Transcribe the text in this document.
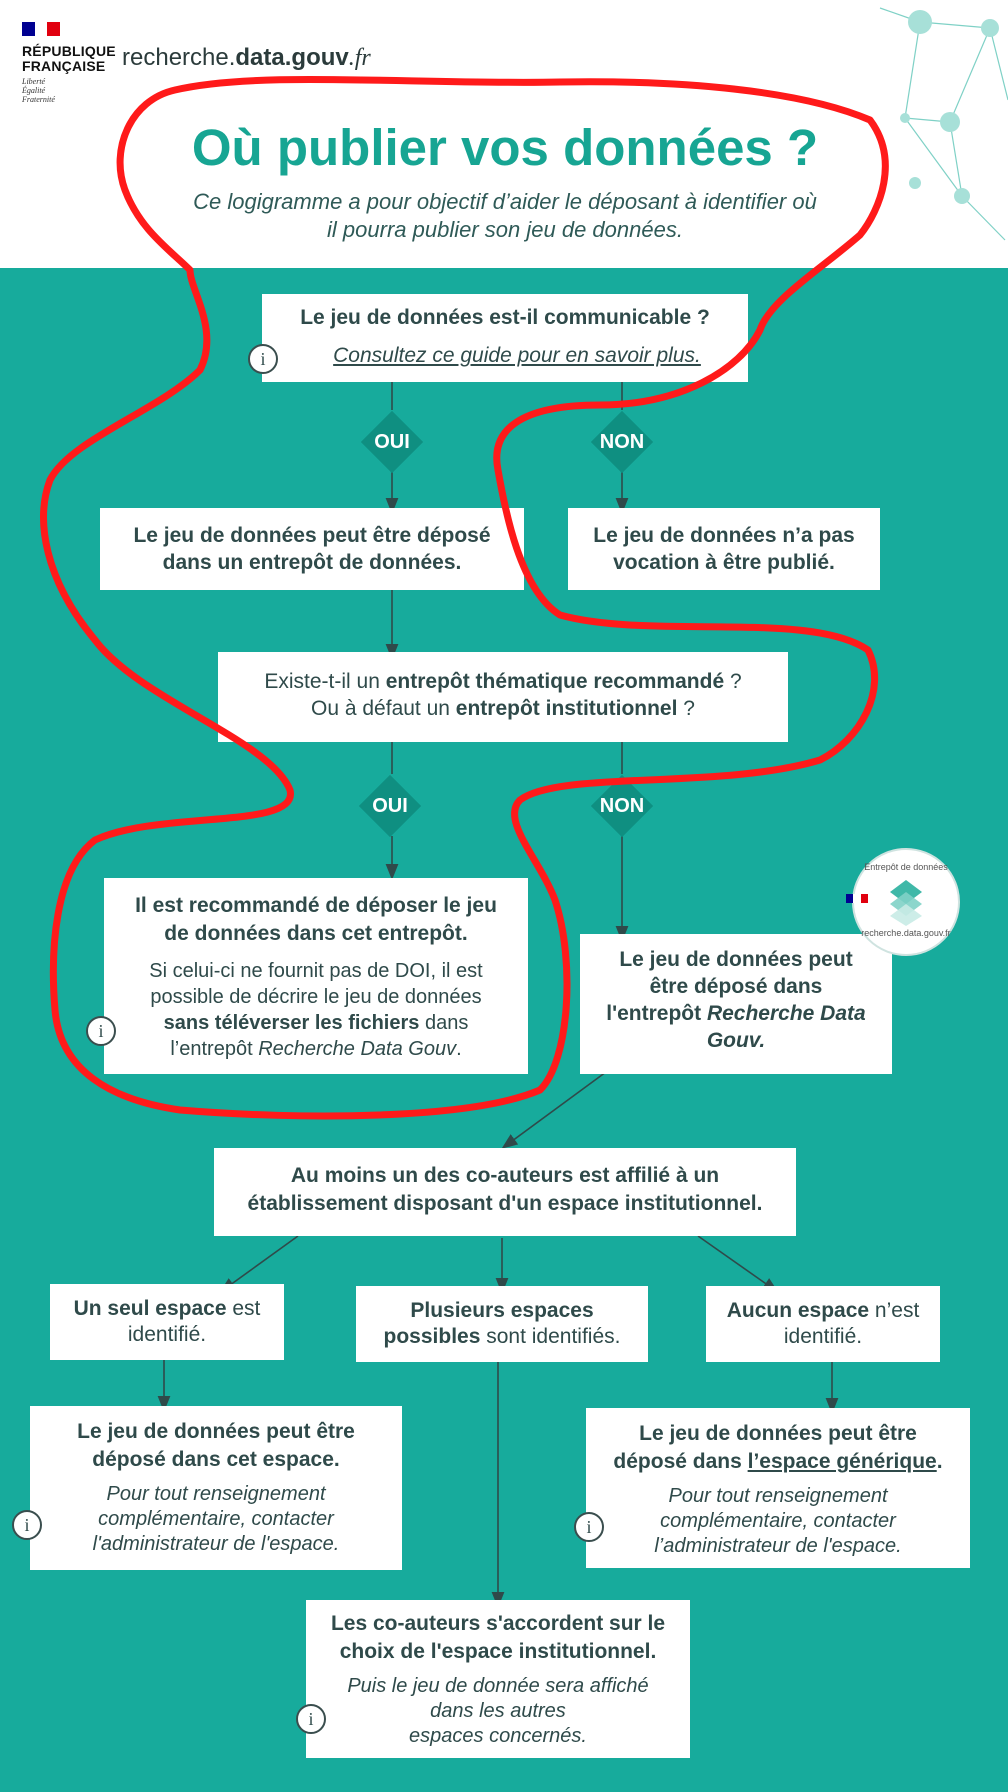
RÉPUBLIQUE
FRANÇAISE
Liberté
Égalité
Fraternité
recherche.data.gouv.fr
Où publier vos données ?
Ce logigramme a pour objectif d’aider le déposant à identifier où
il pourra publier son jeu de données.
Le jeu de données est-il communicable ?
Consultez ce guide pour en savoir plus.
i
OUI	NON
Le jeu de données peut être déposé
dans un entrepôt de données.
Le jeu de données n’a pas
vocation à être publié.
Existe-t-il un entrepôt thématique recommandé ?
Ou à défaut un entrepôt institutionnel ?
OUI	NON
Il est recommandé de déposer le jeu
de données dans cet entrepôt.
Si celui-ci ne fournit pas de DOI, il est
possible de décrire le jeu de données
sans téléverser les fichiers dans
l’entrepôt Recherche Data Gouv.
i
Le jeu de données peut
être déposé dans
l'entrepôt Recherche Data
Gouv.
Entrepôt de données
recherche.data.gouv.fr
Au moins un des co-auteurs est affilié à un
établissement disposant d'un espace institutionnel.
Un seul espace est
identifié.
Plusieurs espaces
possibles sont identifiés.
Aucun espace n’est
identifié.
Le jeu de données peut être
déposé dans cet espace.
Pour tout renseignement
complémentaire, contacter
l'administrateur de l'espace.
i
Le jeu de données peut être
déposé dans l’espace générique.
Pour tout renseignement
complémentaire, contacter
l’administrateur de l'espace.
i
Les co-auteurs s'accordent sur le
choix de l'espace institutionnel.
Puis le jeu de donnée sera affiché
dans les autres
espaces concernés.
i
